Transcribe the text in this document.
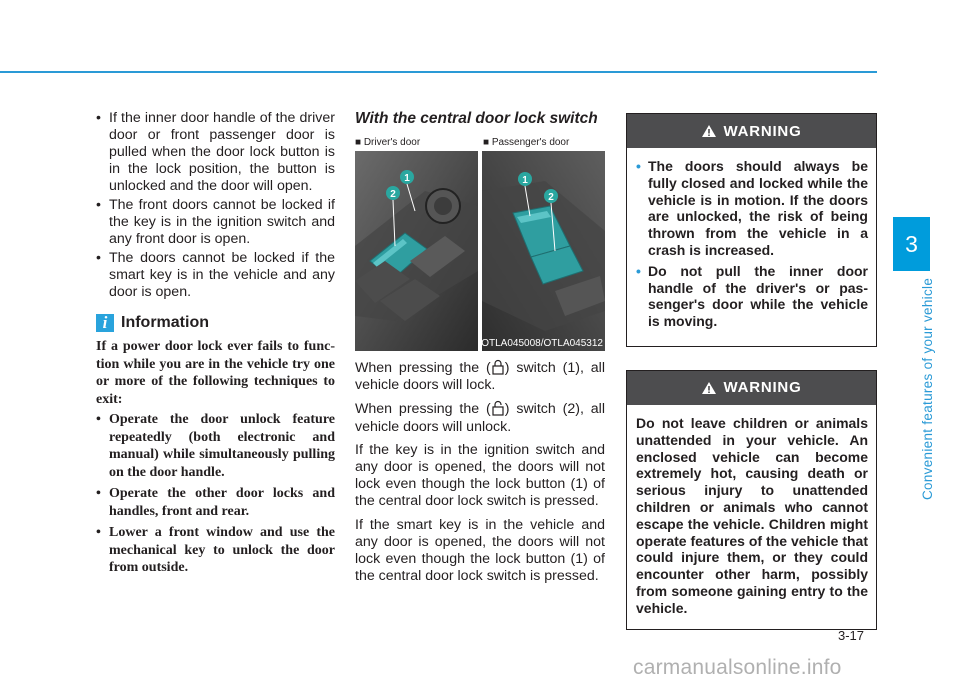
3
Convenient features of your vehicle
• If the inner door handle of the driver door or front passenger door is pulled when the door lock button is in the lock position, the button is unlocked and the door will open.
• The front doors cannot be locked if the key is in the ignition switch and any front door is open.
• The doors cannot be locked if the smart key is in the vehicle and any door is open.
i Information
If a power door lock ever fails to function while you are in the vehicle try one or more of the following techniques to exit:
• Operate the door unlock feature repeatedly (both electronic and manual) while simultaneously pulling on the door handle.
• Operate the other door locks and handles, front and rear.
• Lower a front window and use the mechanical key to unlock the door from outside.
With the central door lock switch
■ Driver's door	■ Passenger's door
1
2
1
2
OTLA045008/OTLA045312

When pressing the ( ) switch (1), all vehicle doors will lock.

When pressing the ( ) switch (2), all vehicle doors will unlock.

If the key is in the ignition switch and any door is opened, the doors will not lock even though the lock button (1) of the central door lock switch is pressed.

If the smart key is in the vehicle and any door is opened, the doors will not lock even though the lock button (1) of the central door lock switch is pressed.

WARNING
• The doors should always be fully closed and locked while the vehicle is in motion. If the doors are unlocked, the risk of being thrown from the vehicle in a crash is increased.
• Do not pull the inner door handle of the driver's or passenger's door while the vehicle is moving.
WARNING

Do not leave children or animals unattended in your vehicle. An enclosed vehicle can become extremely hot, causing death or serious injury to unattended children or animals who cannot escape the vehicle. Children might operate features of the vehicle that could injure them, or they could encounter other harm, possibly from someone gaining entry to the vehicle.

3-17
carmanualsonline.info
